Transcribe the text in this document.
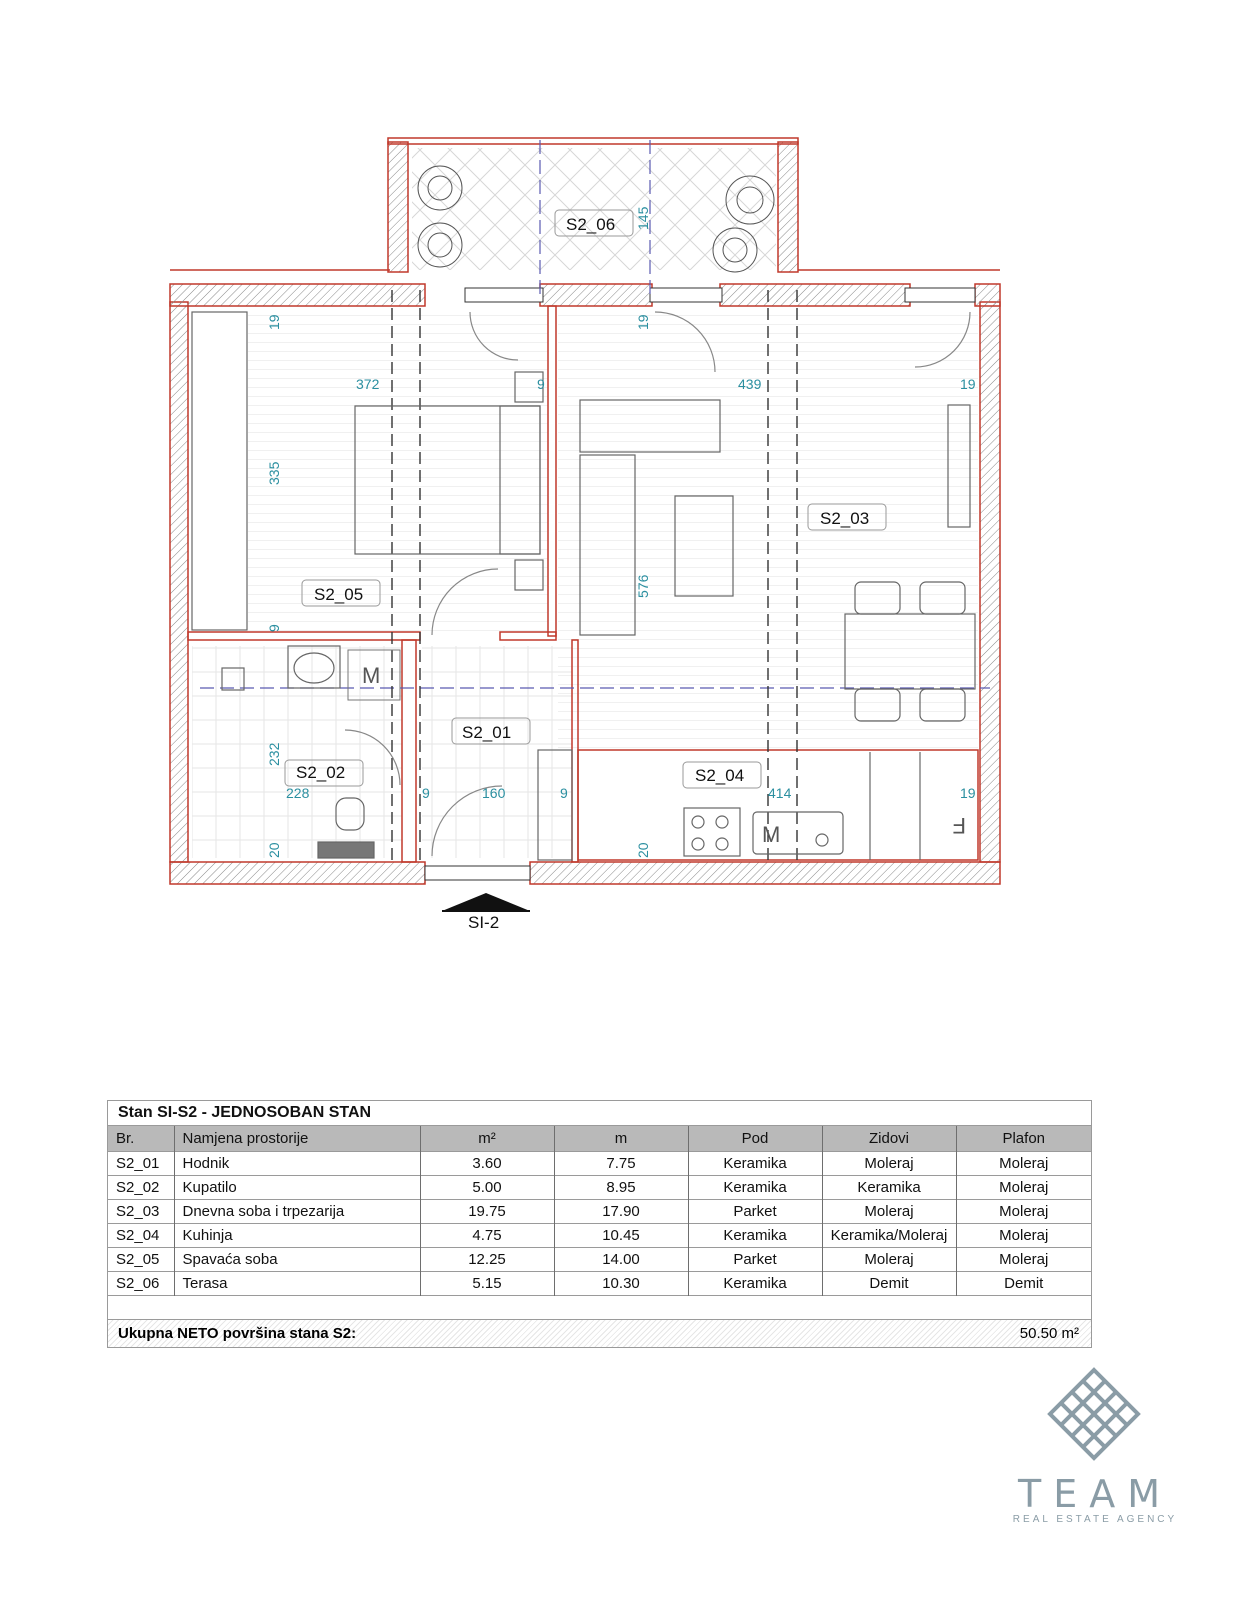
S2_06
S2_03
S2_05
S2_01
S2_02	S2_04
372	9	439	19
335
576
19	19
145
9
232
228	9	160	9	414	19
20	20
M
M	F
SI-2
Stan SI-S2 - JEDNOSOBAN STAN
Br.	Namjena prostorije	m²	m	Pod	Zidovi	Plafon
S2_01	Hodnik	3.60	7.75	Keramika	Moleraj	Moleraj
S2_02	Kupatilo	5.00	8.95	Keramika	Keramika	Moleraj
S2_03	Dnevna soba i trpezarija	19.75	17.90	Parket	Moleraj	Moleraj
S2_04	Kuhinja	4.75	10.45	Keramika	Keramika/Moleraj	Moleraj
S2_05	Spavaća soba	12.25	14.00	Parket	Moleraj	Moleraj
S2_06	Terasa	5.15	10.30	Keramika	Demit	Demit

Ukupna NETO površina stana S2:	50.50 m²
TEAM
REAL ESTATE AGENCY
